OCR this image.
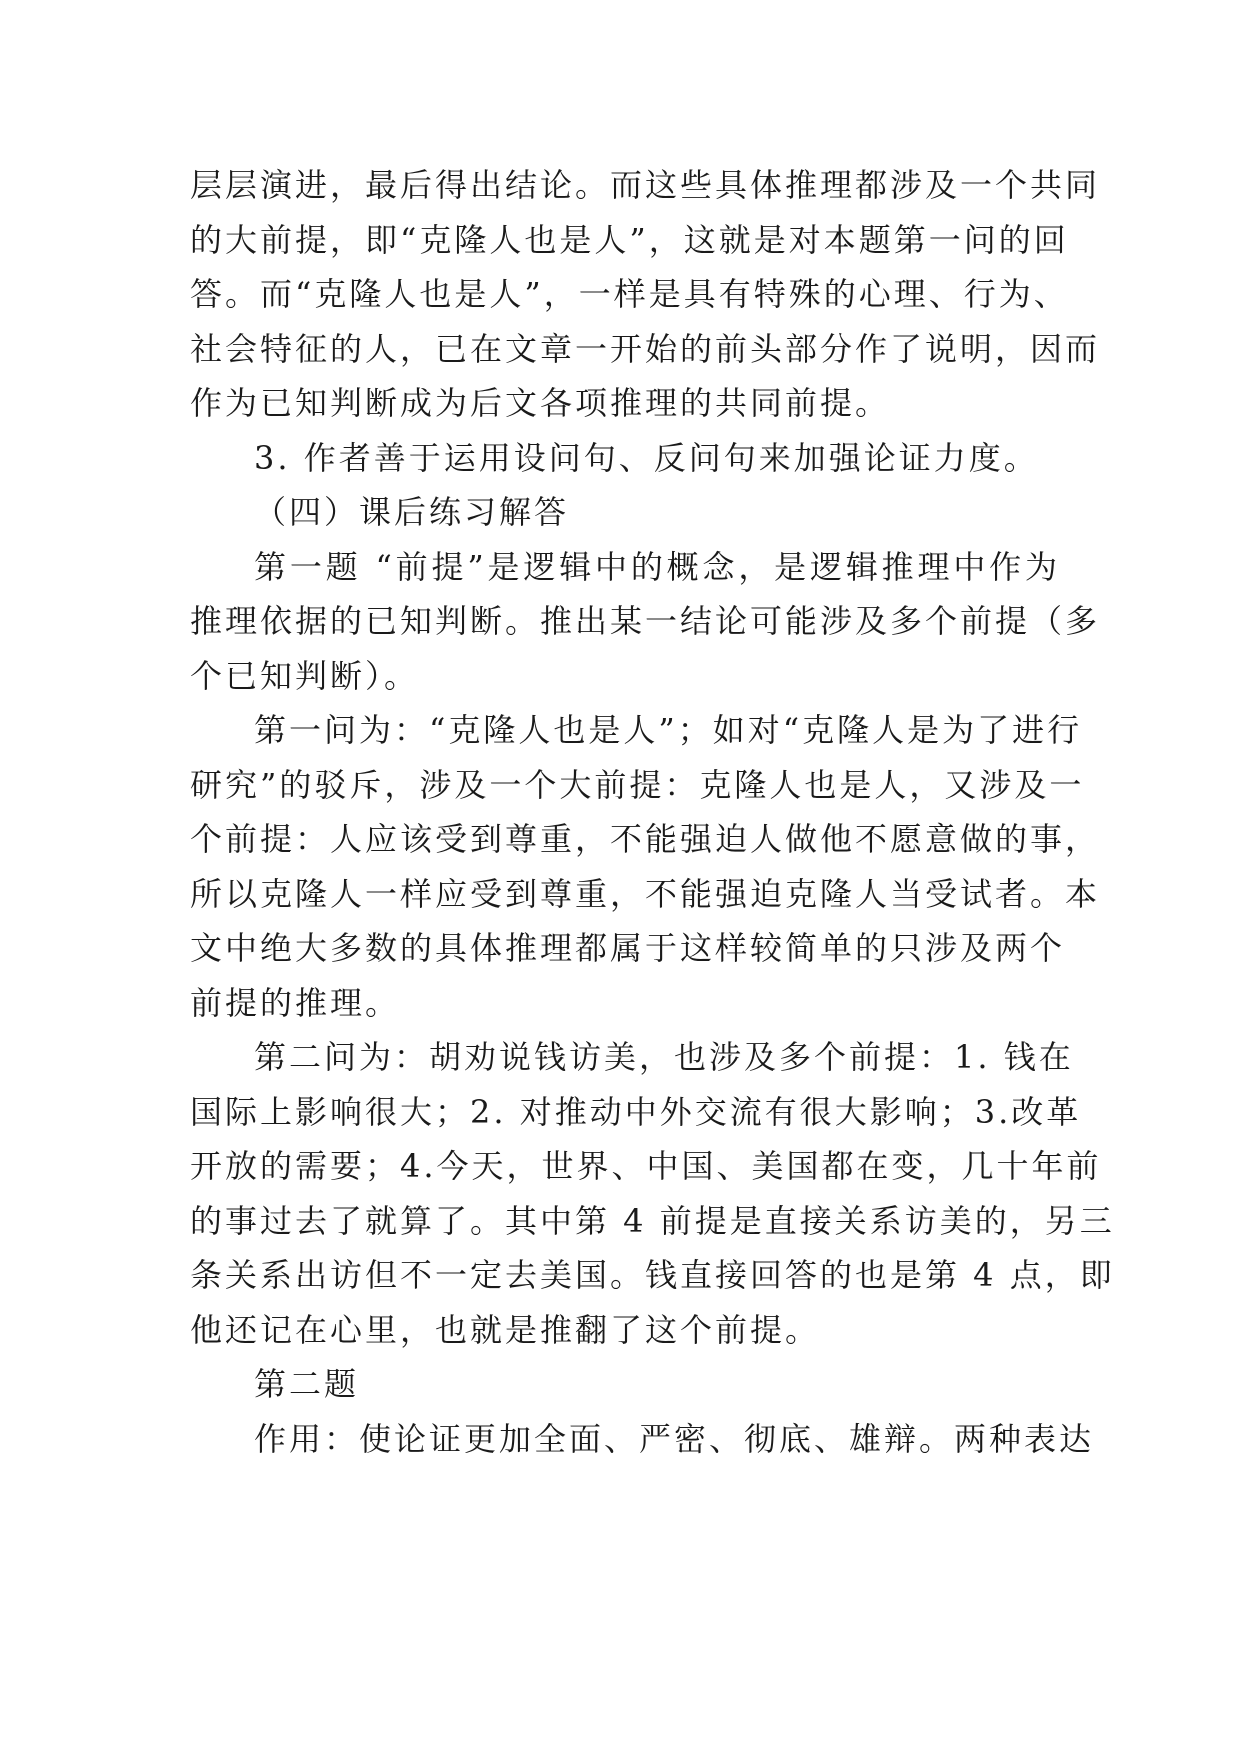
层层演进，最后得出结论。而这些具体推理都涉及一个共同
的大前提，即“克隆人也是人”，这就是对本题第一问的回
答。而“克隆人也是人”，一样是具有特殊的心理、行为、
社会特征的人，已在文章一开始的前头部分作了说明，因而
作为已知判断成为后文各项推理的共同前提。
3. 作者善于运用设问句、反问句来加强论证力度。
（四）课后练习解答
第一题 “前提”是逻辑中的概念，是逻辑推理中作为
推理依据的已知判断。推出某一结论可能涉及多个前提（多
个已知判断）。
第一问为：“克隆人也是人”；如对“克隆人是为了进行
研究”的驳斥，涉及一个大前提：克隆人也是人，又涉及一
个前提：人应该受到尊重，不能强迫人做他不愿意做的事，
所以克隆人一样应受到尊重，不能强迫克隆人当受试者。本
文中绝大多数的具体推理都属于这样较简单的只涉及两个
前提的推理。
第二问为：胡劝说钱访美，也涉及多个前提：1. 钱在
国际上影响很大；2. 对推动中外交流有很大影响；3.改革
开放的需要；4.今天，世界、中国、美国都在变，几十年前
的事过去了就算了。其中第 4 前提是直接关系访美的，另三
条关系出访但不一定去美国。钱直接回答的也是第 4 点，即
他还记在心里，也就是推翻了这个前提。
第二题
作用：使论证更加全面、严密、彻底、雄辩。两种表达
